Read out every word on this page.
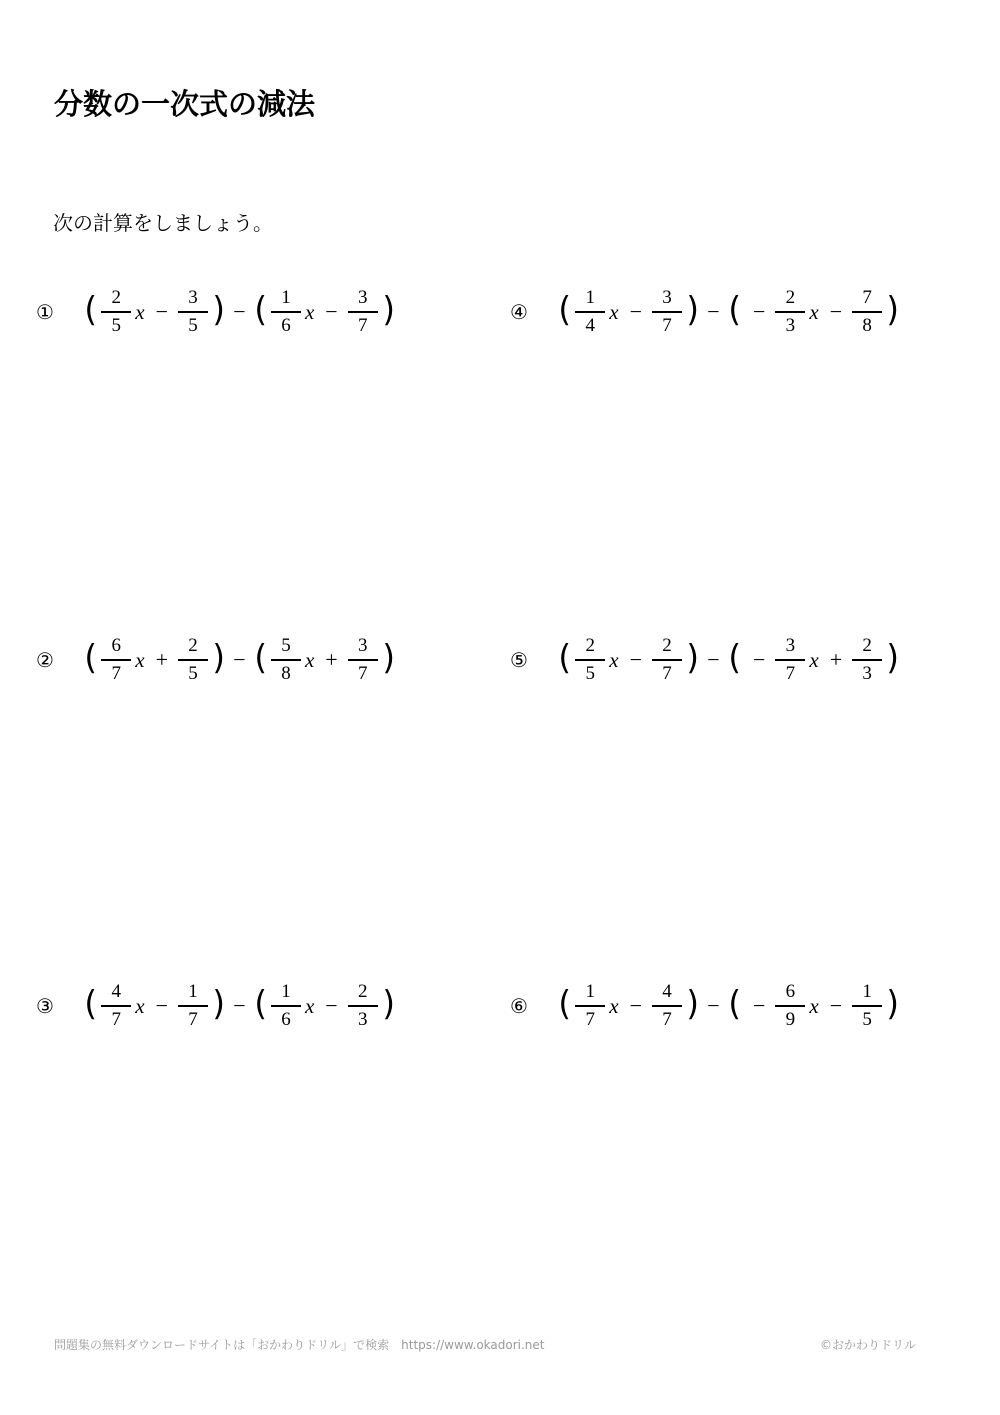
分数の一次式の減法
次の計算をしましょう。
① ( $\frac{2}{5}$ $x - \frac{3}{5}$ ) − ( $\frac{1}{6}$ $x - \frac{3}{7}$ )
② ( $\frac{6}{7}$ $x + \frac{2}{5}$ ) − ( $\frac{5}{8}$ $x + \frac{3}{7}$ )
③ ( $\frac{4}{7}$ $x - \frac{1}{7}$ ) − ( $\frac{1}{6}$ $x - \frac{2}{3}$ )
④ ( $\frac{1}{4}$ $x - \frac{3}{7}$ ) − ( − $\frac{2}{3}$ $x - \frac{7}{8}$ )
⑤ ( $\frac{2}{5}$ $x - \frac{2}{7}$ ) − ( − $\frac{3}{7}$ $x + \frac{2}{3}$ )
⑥ ( $\frac{1}{7}$ $x - \frac{4}{7}$ ) − ( − $\frac{6}{9}$ $x - \frac{1}{5}$ )
問題集の無料ダウンロードサイトは「おかわりドリル」で検索　https://www.okadori.net	©おかわりドリル
